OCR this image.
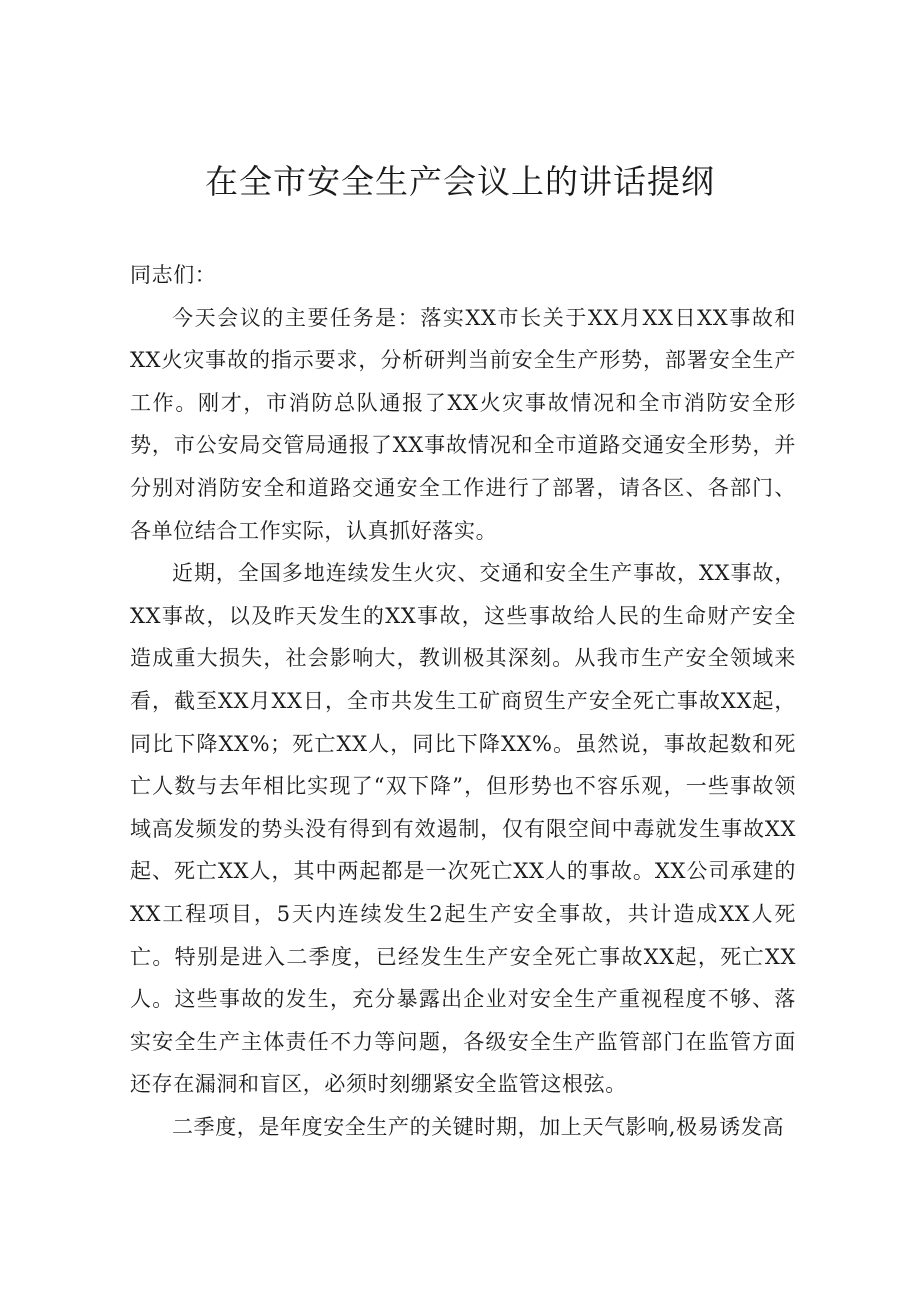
在全市安全生产会议上的讲话提纲

同志们：

今天会议的主要任务是：落实XX市长关于XX月XX日XX事故和XX火灾事故的指示要求，分析研判当前安全生产形势，部署安全生产工作。刚才，市消防总队通报了XX火灾事故情况和全市消防安全形势，市公安局交管局通报了XX事故情况和全市道路交通安全形势，并分别对消防安全和道路交通安全工作进行了部署，请各区、各部门、各单位结合工作实际，认真抓好落实。

近期，全国多地连续发生火灾、交通和安全生产事故，XX事故，XX事故，以及昨天发生的XX事故，这些事故给人民的生命财产安全造成重大损失，社会影响大，教训极其深刻。从我市生产安全领域来看，截至XX月XX日，全市共发生工矿商贸生产安全死亡事故XX起，同比下降XX%；死亡XX人，同比下降XX%。虽然说，事故起数和死亡人数与去年相比实现了“双下降”，但形势也不容乐观，一些事故领域高发频发的势头没有得到有效遏制，仅有限空间中毒就发生事故XX起、死亡XX人，其中两起都是一次死亡XX人的事故。XX公司承建的XX工程项目，5天内连续发生2起生产安全事故，共计造成XX人死亡。特别是进入二季度，已经发生生产安全死亡事故XX起，死亡XX人。这些事故的发生，充分暴露出企业对安全生产重视程度不够、落实安全生产主体责任不力等问题，各级安全生产监管部门在监管方面还存在漏洞和盲区，必须时刻绷紧安全监管这根弦。

二季度，是年度安全生产的关键时期，加上天气影响,极易诱发高
